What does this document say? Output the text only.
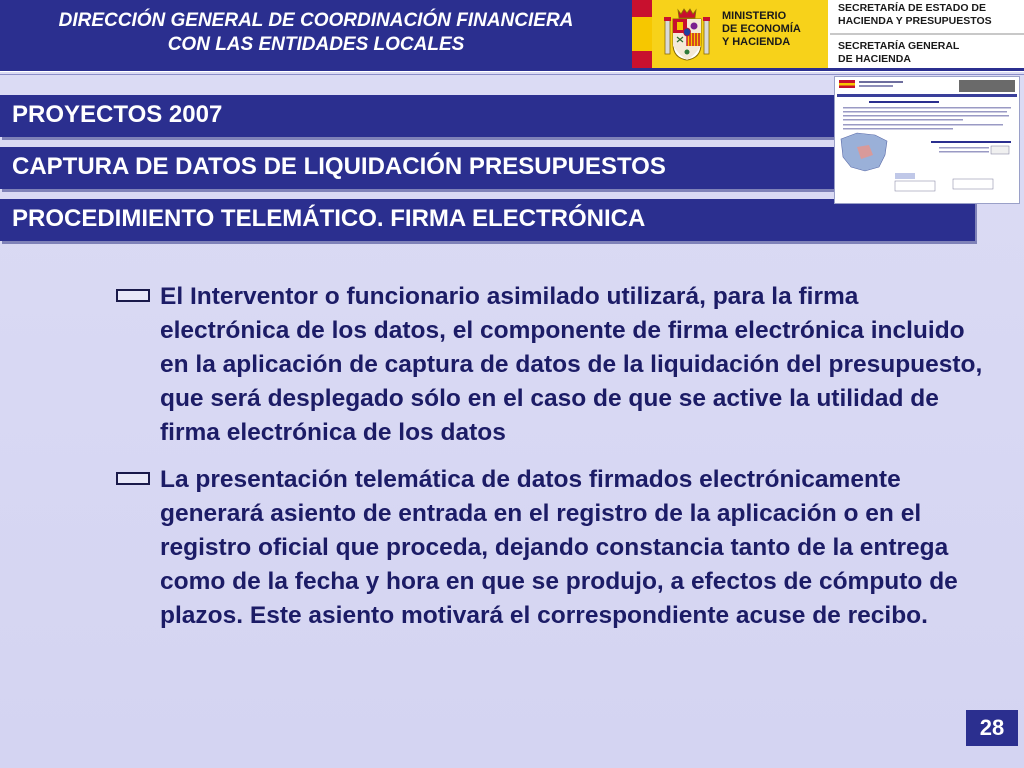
DIRECCIÓN GENERAL DE COORDINACIÓN FINANCIERA
CON LAS ENTIDADES LOCALES
MINISTERIO
DE ECONOMÍA
Y HACIENDA
SECRETARÍA DE ESTADO DE
HACIENDA Y PRESUPUESTOS
SECRETARÍA GENERAL
DE HACIENDA
PROYECTOS 2007
CAPTURA DE DATOS DE LIQUIDACIÓN PRESUPUESTOS
PROCEDIMIENTO TELEMÁTICO. FIRMA ELECTRÓNICA
El Interventor o funcionario asimilado utilizará, para la firma electrónica de los datos, el componente de firma electrónica incluido en la aplicación de captura de datos de la liquidación del presupuesto, que será desplegado sólo en el caso de que se active la utilidad de firma electrónica de los datos
La presentación telemática de datos firmados electrónicamente generará asiento de entrada en el registro de la aplicación o en el registro oficial que proceda, dejando constancia tanto de la entrega como de la fecha y hora en que se produjo, a efectos de cómputo de plazos. Este asiento motivará el correspondiente acuse de recibo.
28
